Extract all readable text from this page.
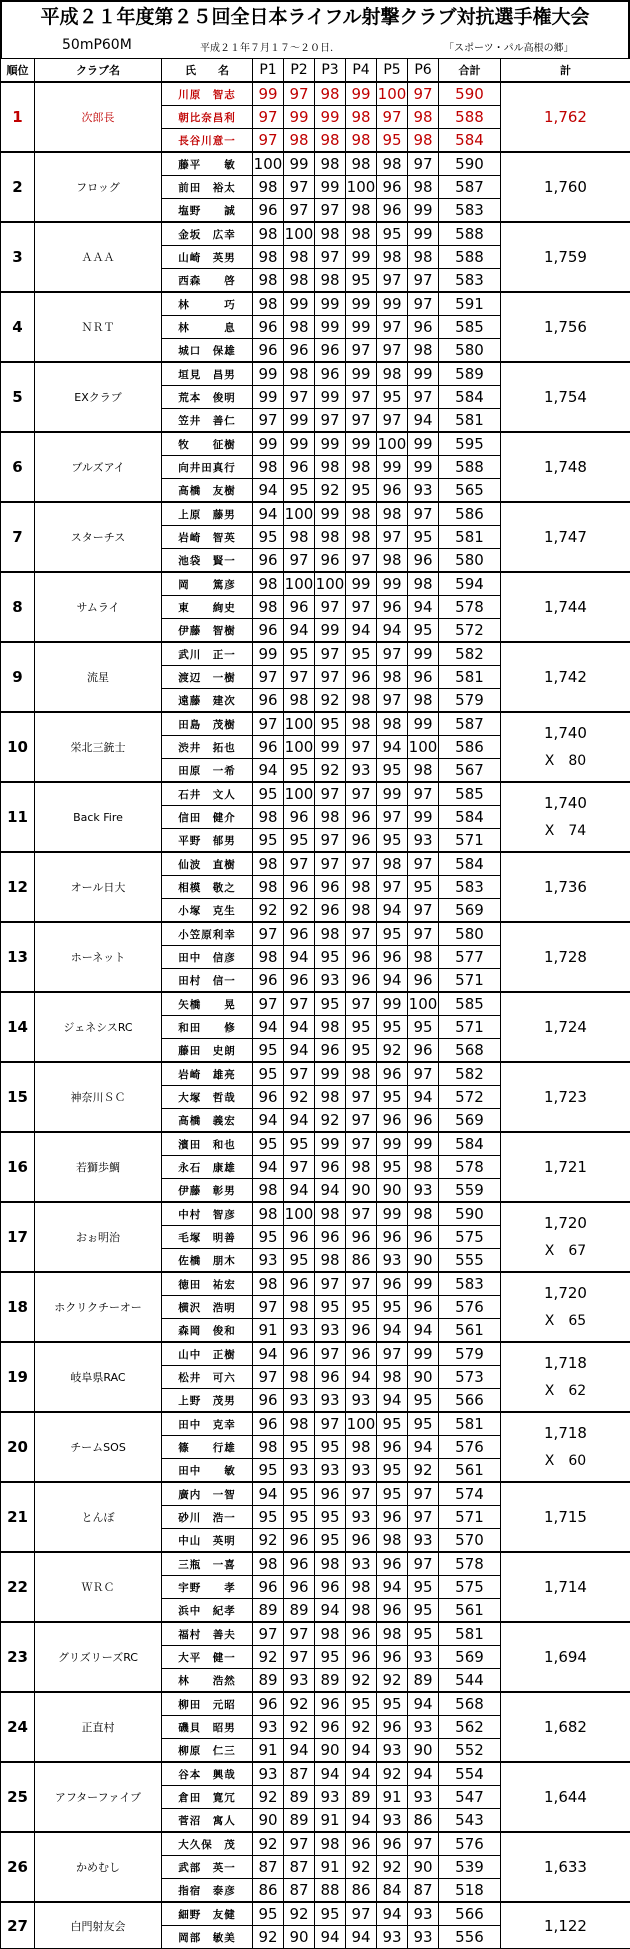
平成２１年度第２５回全日本ライフル射撃クラブ対抗選手権大会
50mP60M	平成２１年７月１７～２０日.	「スポーツ・パル高根の郷」
順位	クラブ名	氏　　名	P1	P2	P3	P4	P5	P6	合計	計
1	次郎長	川原　智志	99	97	98	99	100	97	590	1,762

		朝比奈昌利	97	99	99	98	97	98	588	
		長谷川意一	97	98	98	98	95	98	584	
2	フロッグ	藤平　　敏	100	99	98	98	98	97	590	1,760

		前田　裕太	98	97	99	100	96	98	587	
		塩野　　誠	96	97	97	98	96	99	583	
3	ＡＡＡ	金坂　広幸	98	100	98	98	95	99	588	1,759

		山崎　英男	98	98	97	99	98	98	588	
		西森　　啓	98	98	98	95	97	97	583	
4	ＮＲＴ	林　　　巧	98	99	99	99	99	97	591	1,756

		林　　　息	96	98	99	99	97	96	585	
		城口　保雄	96	96	96	97	97	98	580	
5	EXクラブ	垣見　昌男	99	98	96	99	98	99	589	1,754

		荒本　俊明	99	97	99	97	95	97	584	
		笠井　善仁	97	99	97	97	97	94	581	
6	ブルズアイ	牧　　征樹	99	99	99	99	100	99	595	1,748

		向井田真行	98	96	98	98	99	99	588	
		高橋　友樹	94	95	92	95	96	93	565	
7	スターチス	上原　藤男	94	100	99	98	98	97	586	1,747

		岩崎　智英	95	98	98	98	97	95	581	
		池袋　賢一	96	97	96	97	98	96	580	
8	サムライ	岡　　篤彦	98	100	100	99	99	98	594	1,744

		東　　絢史	98	96	97	97	96	94	578	
		伊藤　智樹	96	94	99	94	94	95	572	
9	流星	武川　正一	99	95	97	95	97	99	582	1,742

		渡辺　一樹	97	97	97	96	98	96	581	
		遠藤　建次	96	98	92	98	97	98	579	
10	栄北三銃士	田島　茂樹	97	100	95	98	98	99	587	1,740
X　80

		渋井　拓也	96	100	99	97	94	100	586	
		田原　一希	94	95	92	93	95	98	567	
11	Back Fire	石井　文人	95	100	97	97	99	97	585	1,740
X　74

		信田　健介	98	96	98	96	97	99	584	
		平野　郁男	95	95	97	96	95	93	571	
12	オール日大	仙波　直樹	98	97	97	97	98	97	584	1,736

		相模　敬之	98	96	96	98	97	95	583	
		小塚　克生	92	92	96	98	94	97	569	
13	ホーネット	小笠原利幸	97	96	98	97	95	97	580	1,728

		田中　信彦	98	94	95	96	96	98	577	
		田村　信一	96	96	93	96	94	96	571	
14	ジェネシスRC	矢橋　　晃	97	97	95	97	99	100	585	1,724

		和田　　修	94	94	98	95	95	95	571	
		藤田　史朗	95	94	96	95	92	96	568	
15	神奈川ＳＣ	岩崎　雄亮	95	97	99	98	96	97	582	1,723

		大塚　哲哉	96	92	98	97	95	94	572	
		高橋　義宏	94	94	92	97	96	96	569	
16	若獅歩鯛	濱田　和也	95	95	99	97	99	99	584	1,721

		永石　康雄	94	97	96	98	95	98	578	
		伊藤　彰男	98	94	94	90	90	93	559	
17	おぉ明治	中村　智彦	98	100	98	97	99	98	590	1,720
X　67

		毛塚　明善	95	96	96	96	96	96	575	
		佐橋　朋木	93	95	98	86	93	90	555	
18	ホクリクチーオー	徳田　祐宏	98	96	97	97	96	99	583	1,720
X　65

		横沢　浩明	97	98	95	95	95	96	576	
		森岡　俊和	91	93	93	96	94	94	561	
19	岐阜県RAC	山中　正樹	94	96	97	96	97	99	579	1,718
X　62

		松井　可六	97	98	96	94	98	90	573	
		上野　茂男	96	93	93	93	94	95	566	
20	チームSOS	田中　克幸	96	98	97	100	95	95	581	1,718
X　60

		篠　　行雄	98	95	95	98	96	94	576	
		田中　　敏	95	93	93	93	95	92	561	
21	とんぼ	廣内　一智	94	95	96	97	95	97	574	1,715

		砂川　浩一	95	95	95	93	96	97	571	
		中山　英明	92	96	95	96	98	93	570	
22	ＷＲＣ	三瓶　一喜	98	96	98	93	96	97	578	1,714

		宇野　　孝	96	96	96	98	94	95	575	
		浜中　紀孝	89	89	94	98	96	95	561	
23	グリズリーズRC	福村　善夫	97	97	98	96	98	95	581	1,694

		大平　健一	92	97	95	96	96	93	569	
		林　　浩然	89	93	89	92	92	89	544	
24	正直村	柳田　元昭	96	92	96	95	95	94	568	1,682

		磯貝　昭男	93	92	96	92	96	93	562	
		柳原　仁三	91	94	90	94	93	90	552	
25	アフターファイブ	谷本　興哉	93	87	94	94	92	94	554	1,644

		倉田　寛冗	92	89	93	89	91	93	547	
		菅沼　寓人	90	89	91	94	93	86	543	
26	かめむし	大久保　茂	92	97	98	96	96	97	576	1,633

		武部　英一	87	87	91	92	92	90	539	
		指宿　泰彦	86	87	88	86	84	87	518	
27	白門射友会	細野　友健	95	92	95	97	94	93	566	1,122

		岡部　敏美	92	90	94	94	93	93	556	
